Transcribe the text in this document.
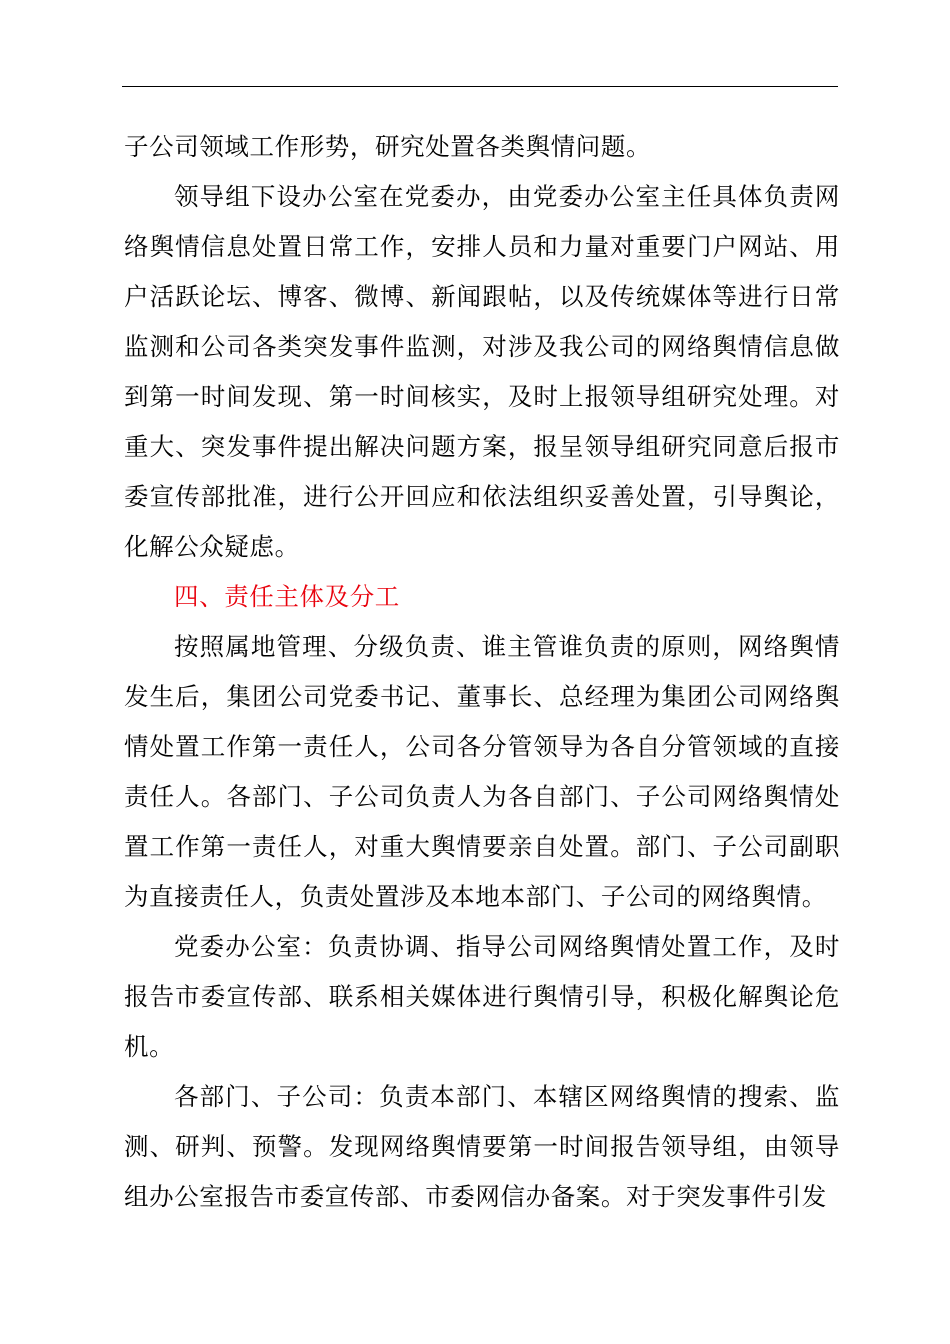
子公司领域工作形势，研究处置各类舆情问题。

领导组下设办公室在党委办，由党委办公室主任具体负责网络舆情信息处置日常工作，安排人员和力量对重要门户网站、用户活跃论坛、博客、微博、新闻跟帖，以及传统媒体等进行日常监测和公司各类突发事件监测，对涉及我公司的网络舆情信息做到第一时间发现、第一时间核实，及时上报领导组研究处理。对重大、突发事件提出解决问题方案，报呈领导组研究同意后报市委宣传部批准，进行公开回应和依法组织妥善处置，引导舆论，化解公众疑虑。

四、责任主体及分工

按照属地管理、分级负责、谁主管谁负责的原则，网络舆情发生后，集团公司党委书记、董事长、总经理为集团公司网络舆情处置工作第一责任人，公司各分管领导为各自分管领域的直接责任人。各部门、子公司负责人为各自部门、子公司网络舆情处置工作第一责任人，对重大舆情要亲自处置。部门、子公司副职为直接责任人，负责处置涉及本地本部门、子公司的网络舆情。

党委办公室：负责协调、指导公司网络舆情处置工作，及时报告市委宣传部、联系相关媒体进行舆情引导，积极化解舆论危机。

各部门、子公司：负责本部门、本辖区网络舆情的搜索、监测、研判、预警。发现网络舆情要第一时间报告领导组，由领导组办公室报告市委宣传部、市委网信办备案。对于突发事件引发
